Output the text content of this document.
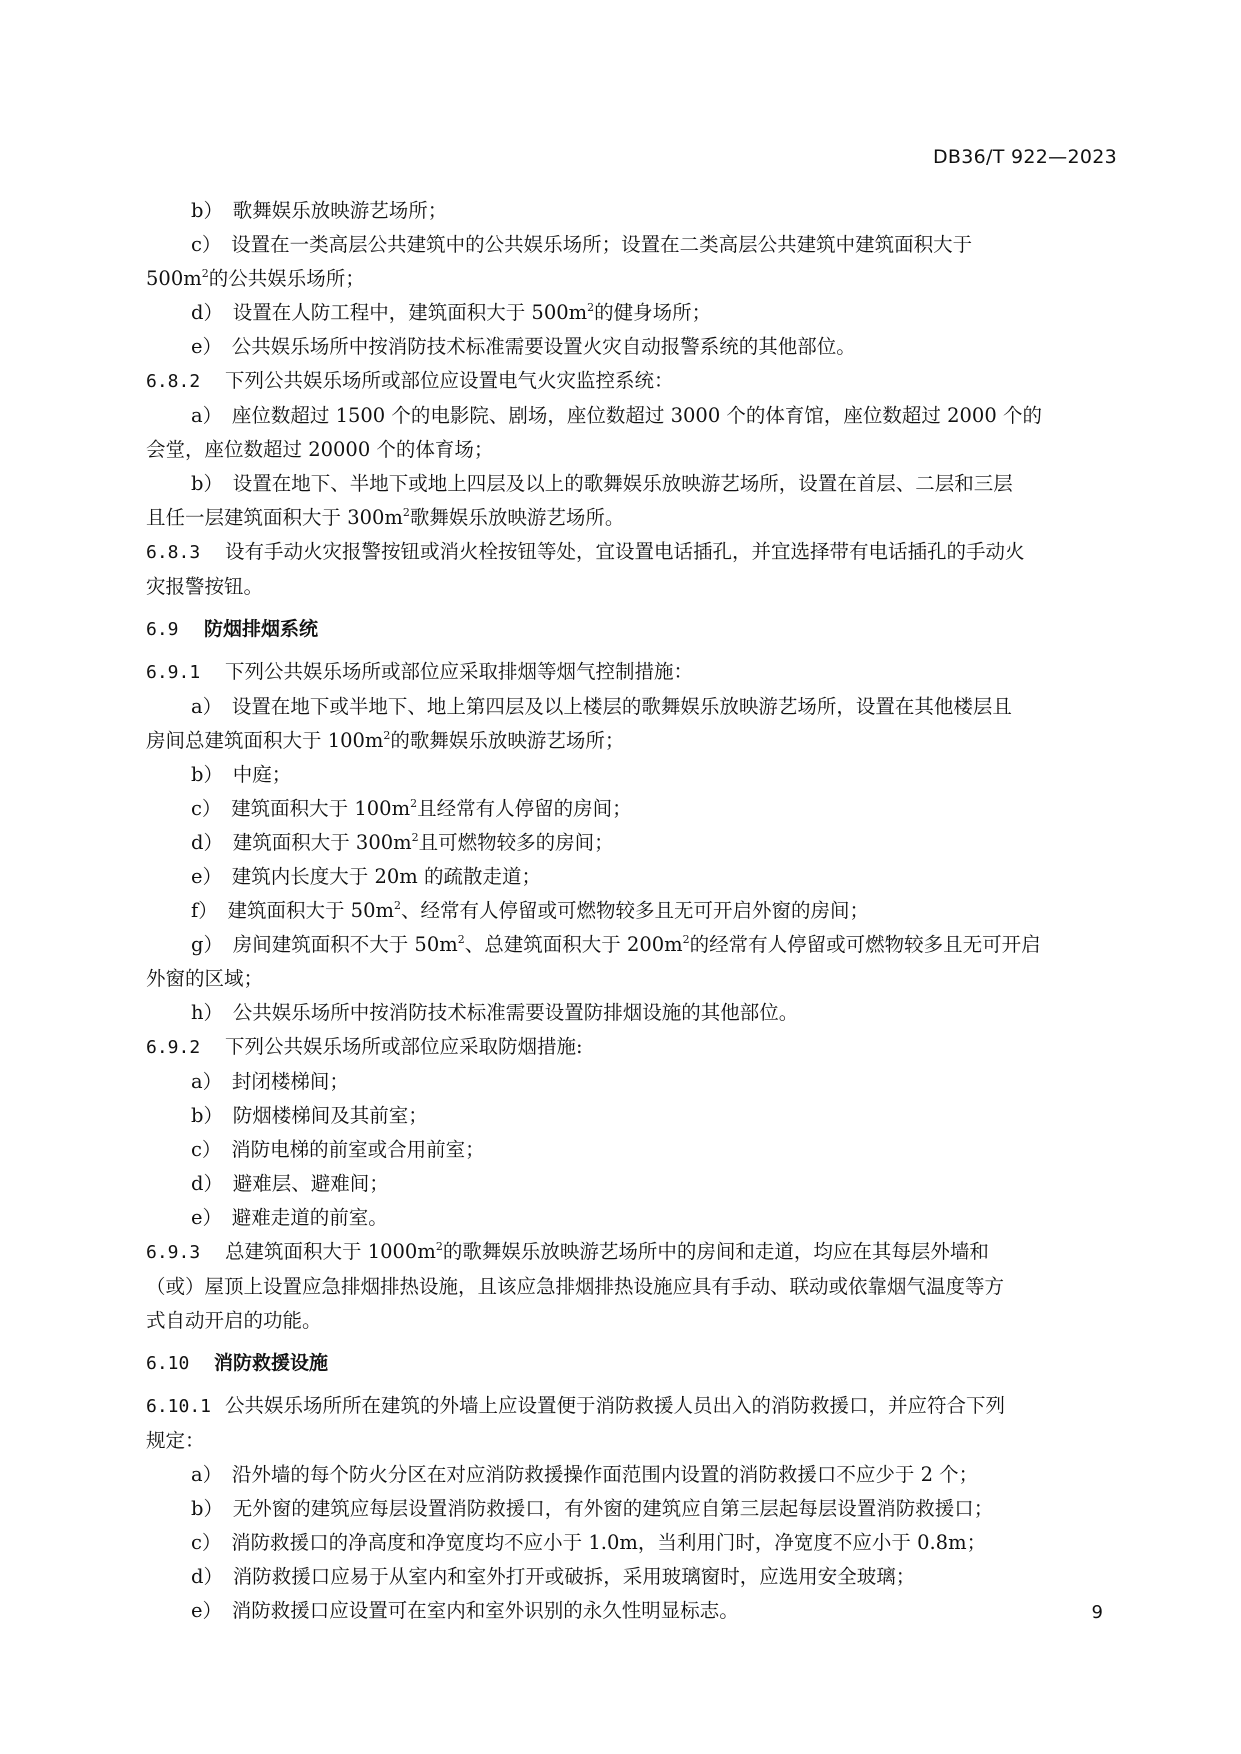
DB36/T 922—2023
b）　歌舞娱乐放映游艺场所；
c）　设置在一类高层公共建筑中的公共娱乐场所；设置在二类高层公共建筑中建筑面积大于
$500m^2$的公共娱乐场所；
d）　设置在人防工程中，建筑面积大于 $500m^2$的健身场所；
e）　公共娱乐场所中按消防技术标准需要设置火灾自动报警系统的其他部位。
6.8.2 下列公共娱乐场所或部位应设置电气火灾监控系统：
a）　座位数超过 1500 个的电影院、剧场，座位数超过 3000 个的体育馆，座位数超过 2000 个的
会堂，座位数超过 20000 个的体育场；
b）　设置在地下、半地下或地上四层及以上的歌舞娱乐放映游艺场所，设置在首层、二层和三层
且任一层建筑面积大于 $300m^2$歌舞娱乐放映游艺场所。
6.8.3 设有手动火灾报警按钮或消火栓按钮等处，宜设置电话插孔，并宜选择带有电话插孔的手动火
灾报警按钮。
6.9 防烟排烟系统
6.9.1 下列公共娱乐场所或部位应采取排烟等烟气控制措施：
a）　设置在地下或半地下、地上第四层及以上楼层的歌舞娱乐放映游艺场所，设置在其他楼层且
房间总建筑面积大于 $100m^2$的歌舞娱乐放映游艺场所；
b）　中庭；
c）　建筑面积大于 $100m^2$且经常有人停留的房间；
d）　建筑面积大于 $300m^2$且可燃物较多的房间；
e）　建筑内长度大于 20m 的疏散走道；
f）　建筑面积大于 $50m^2$、经常有人停留或可燃物较多且无可开启外窗的房间；
g）　房间建筑面积不大于 $50m^2$、总建筑面积大于 $200m^2$的经常有人停留或可燃物较多且无可开启
外窗的区域；
h）　公共娱乐场所中按消防技术标准需要设置防排烟设施的其他部位。
6.9.2 下列公共娱乐场所或部位应采取防烟措施:
a）　封闭楼梯间；
b）　防烟楼梯间及其前室；
c）　消防电梯的前室或合用前室；
d）　避难层、避难间；
e）　避难走道的前室。
6.9.3 总建筑面积大于 $1000m^2$的歌舞娱乐放映游艺场所中的房间和走道，均应在其每层外墙和
（或）屋顶上设置应急排烟排热设施，且该应急排烟排热设施应具有手动、联动或依靠烟气温度等方
式自动开启的功能。
6.10 消防救援设施
6.10.1 公共娱乐场所所在建筑的外墙上应设置便于消防救援人员出入的消防救援口，并应符合下列
规定：
a）　沿外墙的每个防火分区在对应消防救援操作面范围内设置的消防救援口不应少于 2 个；
b）　无外窗的建筑应每层设置消防救援口，有外窗的建筑应自第三层起每层设置消防救援口；
c）　消防救援口的净高度和净宽度均不应小于 1.0m，当利用门时，净宽度不应小于 0.8m；
d）　消防救援口应易于从室内和室外打开或破拆，采用玻璃窗时，应选用安全玻璃；
e）　消防救援口应设置可在室内和室外识别的永久性明显标志。	9
